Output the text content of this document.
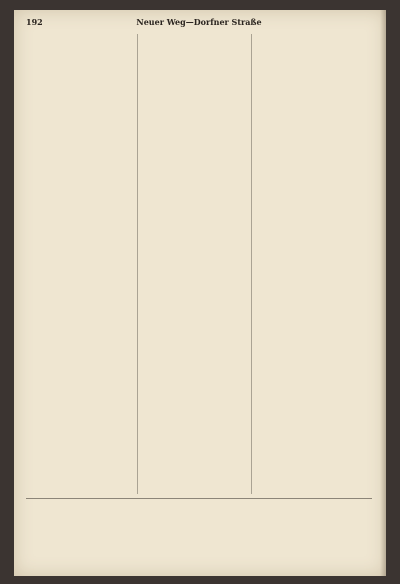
192	Neuer Weg—Dorfner Straße
